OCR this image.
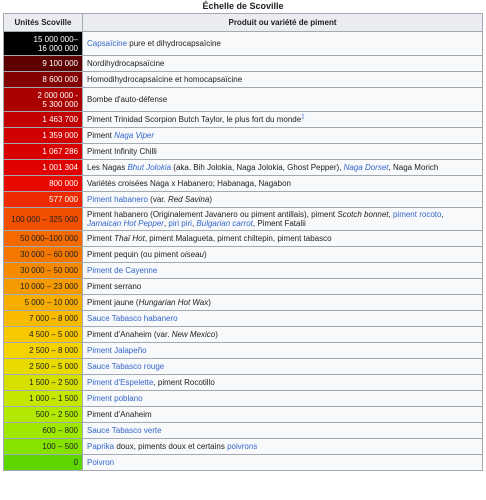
Échelle de Scoville
Unités Scoville	Produit ou variété de piment
15 000 000–
16 000 000	Capsaïcine pure et dihydrocapsaïcine
9 100 000	Nordihydrocapsaïcine
8 600 000	Homodihydrocapsaïcine et homocapsaïcine
2 000 000 -
5 300 000	Bombe d'auto-défense
1 463 700	Piment Trinidad Scorpion Butch Taylor, le plus fort du monde$^1$
1 359 000	Piment Naga Viper
1 067 286	Piment Infinity Chilli
1 001 304	Les Nagas Bhut Jolokia (aka. Bih Jolokia, Naga Jolokia, Ghost Pepper), Naga Dorset, Naga Morich
800 000	Variétés croisées Naga x Habanero; Habanaga, Nagabon
577 000	Piment habanero (var. Red Savina)
100 000 – 325 000	Piment habanero (Originalement Javanero ou piment antillais), piment Scotch bonnet, piment rocoto, Jamaican Hot Pepper, piri piri, Bulgarian carrot, Piment Fatalii
50 000–100 000	Piment Thaï Hot, piment Malagueta, piment chiltepin, piment tabasco
30 000 – 60 000	Piment pequin (ou piment oiseau)
30 000 – 50 000	Piment de Cayenne
10 000 – 23 000	Piment serrano
5 000 – 10 000	Piment jaune (Hungarian Hot Wax)
7 000 – 8 000	Sauce Tabasco habanero
4 500 – 5 000	Piment d'Anaheim (var. New Mexico)
2 500 – 8 000	Piment Jalapeño
2 500 – 5 000	Sauce Tabasco rouge
1 500 – 2 500	Piment d'Espelette, piment Rocotillo
1 000 – 1 500	Piment poblano
500 – 2 500	Piment d'Anaheim
600 – 800	Sauce Tabasco verte
100 – 500	Paprika doux, piments doux et certains poivrons
0	Poivron
